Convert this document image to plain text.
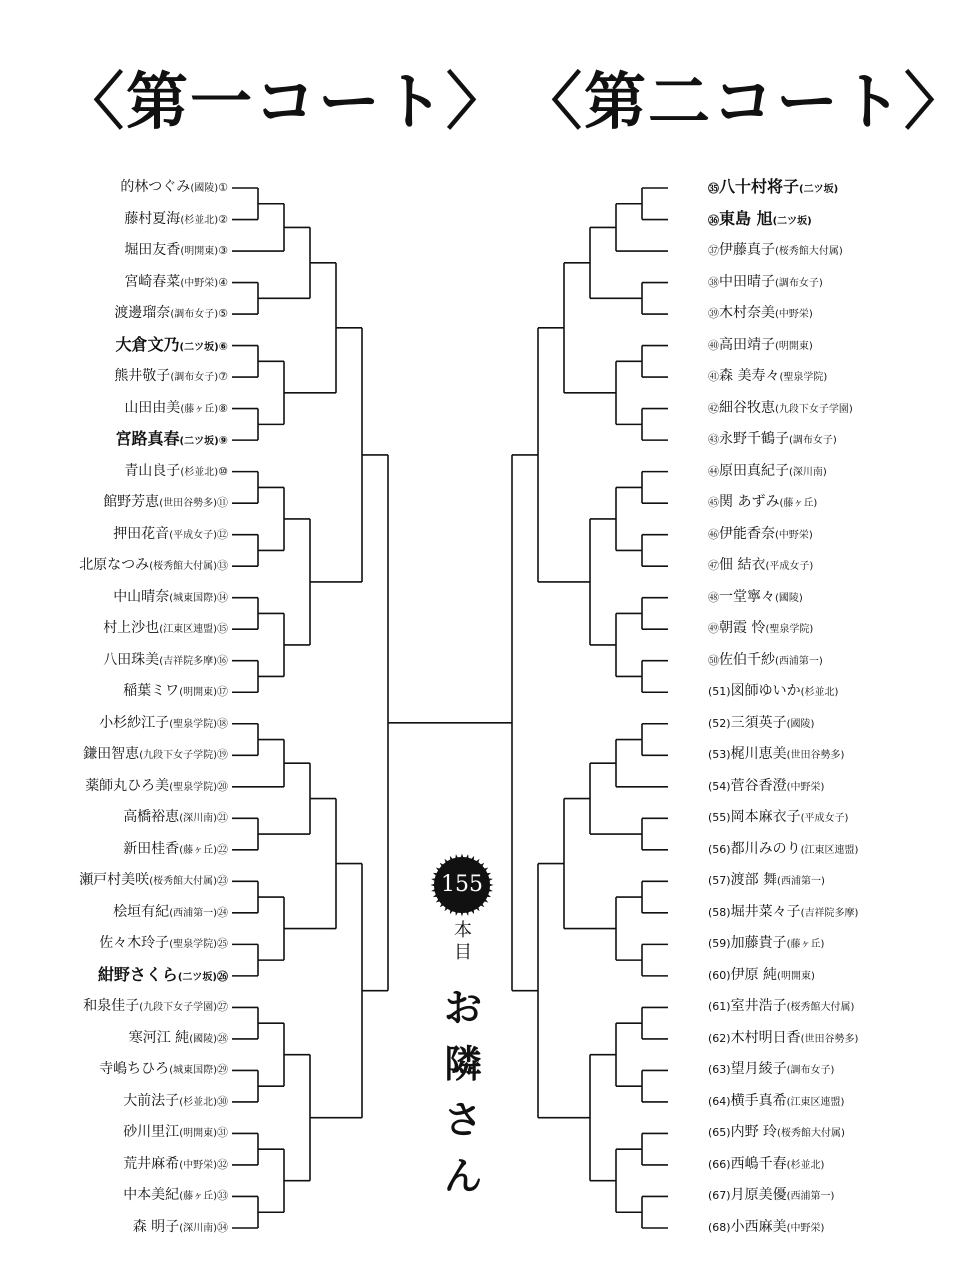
〈第一コート〉 〈第二コート〉
的林つぐみ(國陵)①
藤村夏海(杉並北)②
堀田友香(明開東)③
宮崎春菜(中野栄)④
渡邊瑠奈(調布女子)⑤
大倉文乃(二ツ坂)⑥
熊井敬子(調布女子)⑦
山田由美(藤ヶ丘)⑧
宮路真春(二ツ坂)⑨
青山良子(杉並北)⑩
館野芳恵(世田谷勢多)⑪
押田花音(平成女子)⑫
北原なつみ(桜秀館大付属)⑬
中山晴奈(城東国際)⑭
村上沙也(江東区連盟)⑮
八田珠美(吉祥院多摩)⑯
稲葉ミワ(明開東)⑰
小杉紗江子(聖泉学院)⑱
鎌田智恵(九段下女子学院)⑲
薬師丸ひろ美(聖泉学院)⑳
高橋裕恵(深川南)㉑
新田桂香(藤ヶ丘)㉒
瀬戸村美咲(桜秀館大付属)㉓
桧垣有紀(西浦第一)㉔
佐々木玲子(聖泉学院)㉕
紺野さくら(二ツ坂)㉖
和泉佳子(九段下女子学園)㉗
寒河江 純(國陵)㉘
寺嶋ちひろ(城東国際)㉙
大前法子(杉並北)㉚
砂川里江(明開東)㉛
荒井麻希(中野栄)㉜
中本美紀(藤ヶ丘)㉝
森 明子(深川南)㉞
㉟八十村将子(二ツ坂)
㊱東島 旭(二ツ坂)
㊲伊藤真子(桜秀館大付属)
㊳中田晴子(調布女子)
㊴木村奈美(中野栄)
㊵高田靖子(明開東)
㊶森 美寿々(聖泉学院)
㊷細谷牧恵(九段下女子学園)
㊸永野千鶴子(調布女子)
㊹原田真紀子(深川南)
㊺関 あずみ(藤ヶ丘)
㊻伊能香奈(中野栄)
㊼佃 結衣(平成女子)
㊽一堂寧々(國陵)
㊾朝霞 怜(聖泉学院)
㊿佐伯千紗(西浦第一)
(51)図師ゆいか(杉並北)
(52)三須英子(國陵)
(53)梶川恵美(世田谷勢多)
(54)菅谷香澄(中野栄)
(55)岡本麻衣子(平成女子)
(56)都川みのり(江東区連盟)
(57)渡部 舞(西浦第一)
(58)堀井菜々子(吉祥院多摩)
(59)加藤貴子(藤ヶ丘)
(60)伊原 純(明開東)
(61)室井浩子(桜秀館大付属)
(62)木村明日香(世田谷勢多)
(63)望月綾子(調布女子)
(64)横手真希(江東区連盟)
(65)内野 玲(桜秀館大付属)
(66)西嶋千春(杉並北)
(67)月原美優(西浦第一)
(68)小西麻美(中野栄)
155
本
目
お
隣
さ
ん
